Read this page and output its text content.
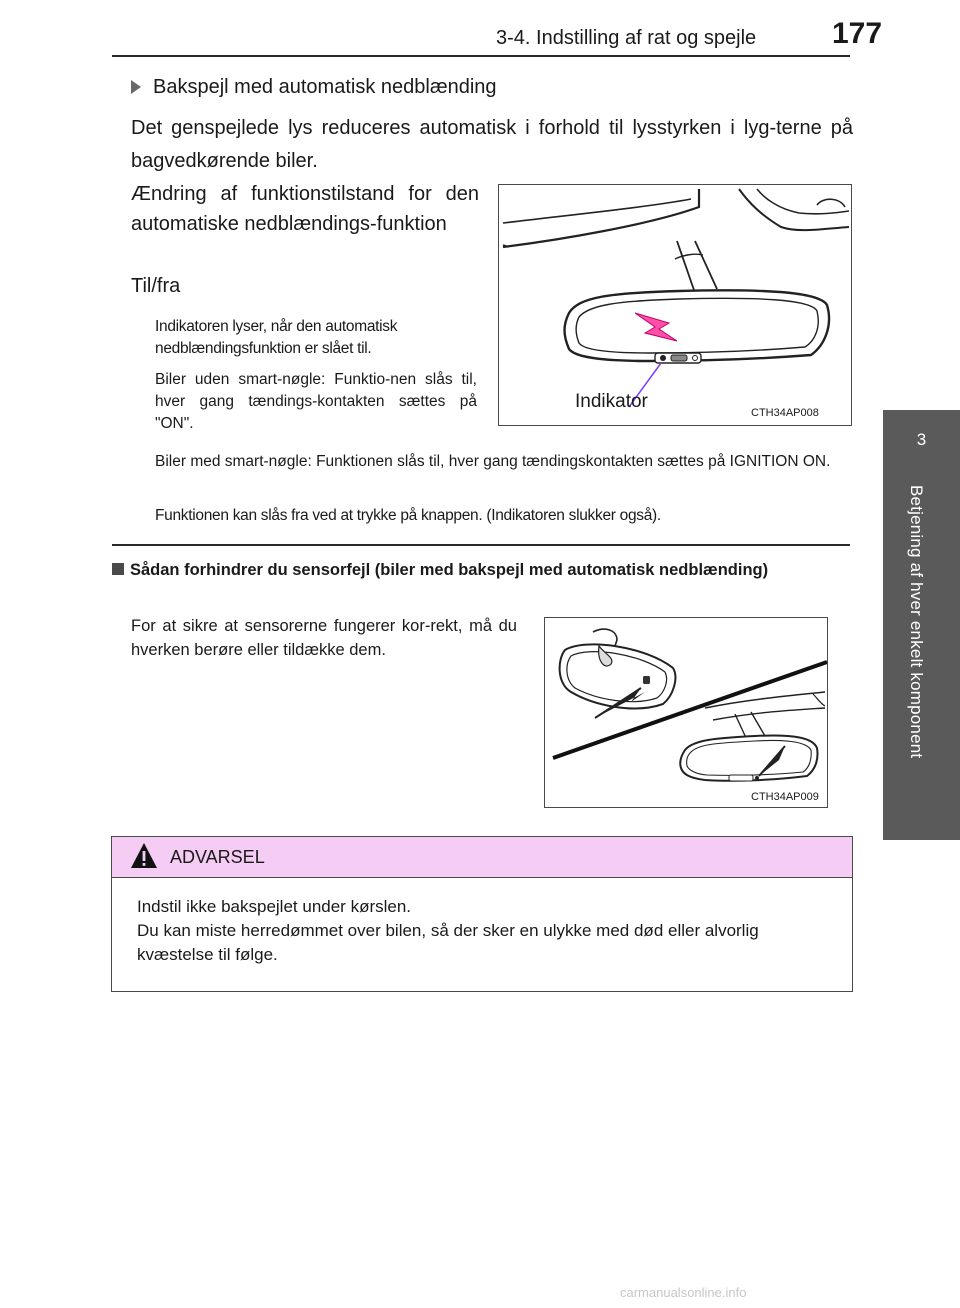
3-4. Indstilling af rat og spejle	177
3
Betjening af hver enkelt komponent
Bakspejl med automatisk nedblænding
Det genspejlede lys reduceres automatisk i forhold til lysstyrken i lyg-terne på bagvedkørende biler.
Ændring af funktionstilstand for den automatiske nedblændings-funktion
Til/fra
Indikatoren lyser, når den automatisk nedblændingsfunktion er slået til.
Biler uden smart-nøgle: Funktio-nen slås til, hver gang tændings-kontakten sættes på "ON".
Biler med smart-nøgle: Funktionen slås til, hver gang tændingskontakten sættes på IGNITION ON.
Funktionen kan slås fra ved at trykke på knappen. (Indikatoren slukker også).
Indikator
CTH34AP008
Sådan forhindrer du sensorfejl (biler med bakspejl med automatisk nedblænding)
For at sikre at sensorerne fungerer kor-rekt, må du hverken berøre eller tildække dem.
CTH34AP009
ADVARSEL
Indstil ikke bakspejlet under kørslen.
Du kan miste herredømmet over bilen, så der sker en ulykke med død eller alvorlig kvæstelse til følge.
carmanualsonline.info
